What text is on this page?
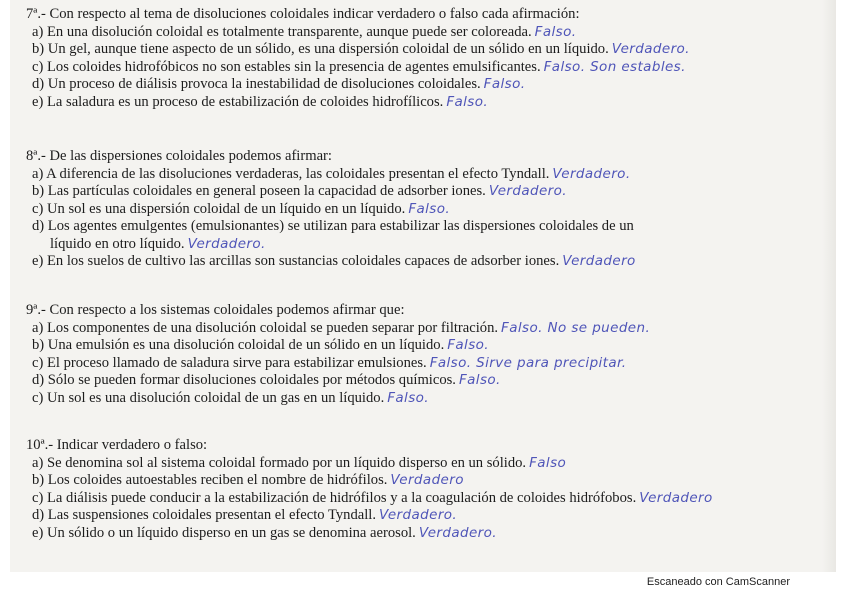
7ª.- Con respecto al tema de disoluciones coloidales indicar verdadero o falso cada afirmación:
a) En una disolución coloidal es totalmente transparente, aunque puede ser coloreada. Falso.
b) Un gel, aunque tiene aspecto de un sólido, es una dispersión coloidal de un sólido en un líquido. Verdadero.
c) Los coloides hidrofóbicos no son estables sin la presencia de agentes emulsificantes. Falso. Son estables.
d) Un proceso de diálisis provoca la inestabilidad de disoluciones coloidales. Falso.
e) La saladura es un proceso de estabilización de coloides hidrofílicos. Falso.
8ª.- De las dispersiones coloidales podemos afirmar:
a) A diferencia de las disoluciones verdaderas, las coloidales presentan el efecto Tyndall. Verdadero.
b) Las partículas coloidales en general poseen la capacidad de adsorber iones. Verdadero.
c) Un sol es una dispersión coloidal de un líquido en un líquido. Falso.
d) Los agentes emulgentes (emulsionantes) se utilizan para estabilizar las dispersiones coloidales de un
líquido en otro líquido. Verdadero.
e) En los suelos de cultivo las arcillas son sustancias coloidales capaces de adsorber iones. Verdadero
9ª.- Con respecto a los sistemas coloidales podemos afirmar que:
a) Los componentes de una disolución coloidal se pueden separar por filtración. Falso. No se pueden.
b) Una emulsión es una disolución coloidal de un sólido en un líquido. Falso.
c) El proceso llamado de saladura sirve para estabilizar emulsiones. Falso. Sirve para precipitar.
d) Sólo se pueden formar disoluciones coloidales por métodos químicos. Falso.
c) Un sol es una disolución coloidal de un gas en un líquido. Falso.
10ª.- Indicar verdadero o falso:
a) Se denomina sol al sistema coloidal formado por un líquido disperso en un sólido. Falso
b) Los coloides autoestables reciben el nombre de hidrófilos. Verdadero
c) La diálisis puede conducir a la estabilización de hidrófilos y a la coagulación de coloides hidrófobos. Verdadero
d) Las suspensiones coloidales presentan el efecto Tyndall. Verdadero.
e) Un sólido o un líquido disperso en un gas se denomina aerosol. Verdadero.
Escaneado con CamScanner
